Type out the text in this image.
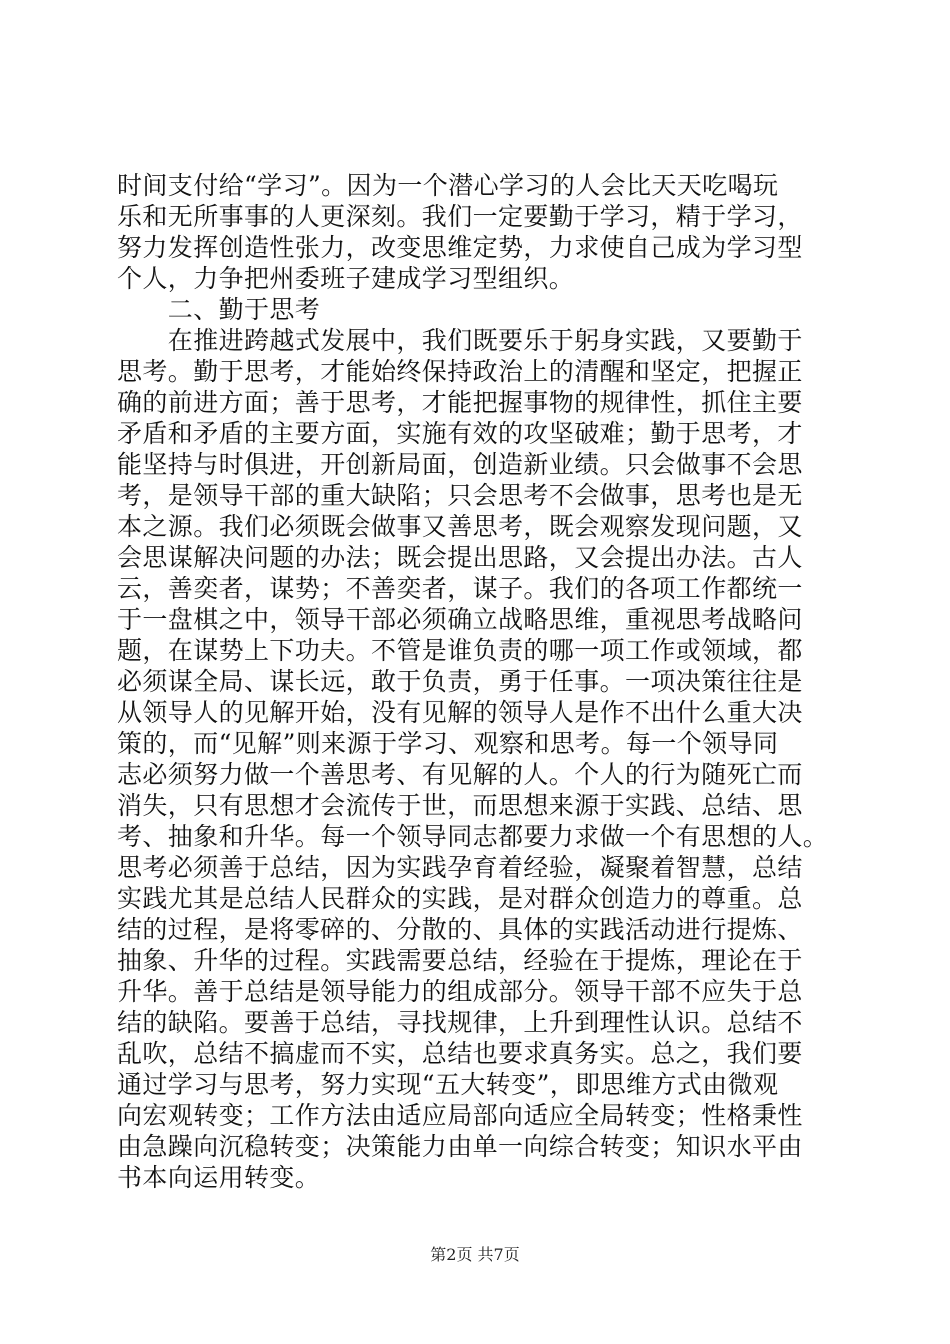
时间支付给“学习”。因为一个潜心学习的人会比天天吃喝玩
乐和无所事事的人更深刻。我们一定要勤于学习，精于学习，
努力发挥创造性张力，改变思维定势，力求使自己成为学习型
个人，力争把州委班子建成学习型组织。
　　二、勤于思考
　　在推进跨越式发展中，我们既要乐于躬身实践，又要勤于
思考。勤于思考，才能始终保持政治上的清醒和坚定，把握正
确的前进方面；善于思考，才能把握事物的规律性，抓住主要
矛盾和矛盾的主要方面，实施有效的攻坚破难；勤于思考，才
能坚持与时俱进，开创新局面，创造新业绩。只会做事不会思
考，是领导干部的重大缺陷；只会思考不会做事，思考也是无
本之源。我们必须既会做事又善思考，既会观察发现问题，又
会思谋解决问题的办法；既会提出思路，又会提出办法。古人
云，善奕者，谋势；不善奕者，谋子。我们的各项工作都统一
于一盘棋之中，领导干部必须确立战略思维，重视思考战略问
题，在谋势上下功夫。不管是谁负责的哪一项工作或领域，都
必须谋全局、谋长远，敢于负责，勇于任事。一项决策往往是
从领导人的见解开始，没有见解的领导人是作不出什么重大决
策的，而“见解”则来源于学习、观察和思考。每一个领导同
志必须努力做一个善思考、有见解的人。个人的行为随死亡而
消失，只有思想才会流传于世，而思想来源于实践、总结、思
考、抽象和升华。每一个领导同志都要力求做一个有思想的人。
思考必须善于总结，因为实践孕育着经验，凝聚着智慧，总结
实践尤其是总结人民群众的实践，是对群众创造力的尊重。总
结的过程，是将零碎的、分散的、具体的实践活动进行提炼、
抽象、升华的过程。实践需要总结，经验在于提炼，理论在于
升华。善于总结是领导能力的组成部分。领导干部不应失于总
结的缺陷。要善于总结，寻找规律，上升到理性认识。总结不
乱吹，总结不搞虚而不实，总结也要求真务实。总之，我们要
通过学习与思考，努力实现“五大转变”，即思维方式由微观
向宏观转变；工作方法由适应局部向适应全局转变；性格秉性
由急躁向沉稳转变；决策能力由单一向综合转变；知识水平由
书本向运用转变。
第2页 共7页
